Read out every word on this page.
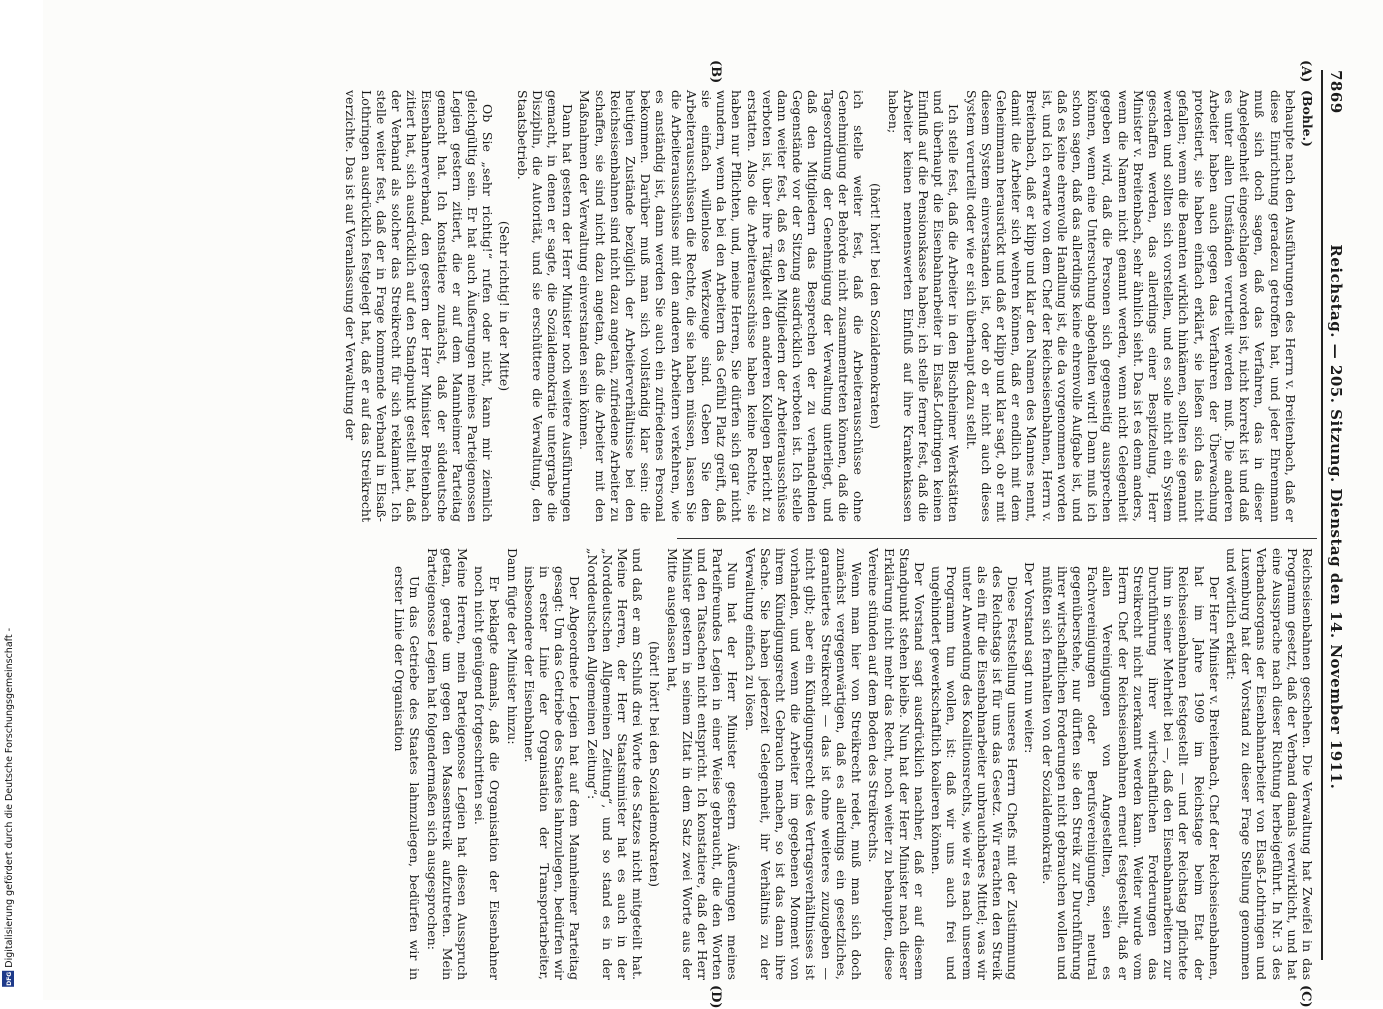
DFG Digitalisierung gefördert durch die Deutsche Forschungsgemeinschaft -
7869
Reichstag. — 205. Sitzung. Dienstag den 14. November 1911.
(A)
(B)
(C)
(D)

(Bohle.)

behaupte nach den Ausführungen des Herrn v. Breitenbach, daß er diese Einrichtung geradezu getroffen hat, und jeder Ehrenmann muß sich doch sagen, daß das Verfahren, das in dieser Angelegenheit eingeschlagen worden ist, nicht korrekt ist und daß es unter allen Umständen verurteilt werden muß. Die anderen Arbeiter haben auch gegen das Verfahren der Überwachung protestiert, sie haben einfach erklärt, sie ließen sich das nicht gefallen; wenn die Beamten wirklich hinkämen, sollten sie genannt werden und sollten sich vorstellen, und es solle nicht ein System geschaffen werden, das allerdings einer Bespitzelung, Herr Minister v. Breitenbach, sehr ähnlich sieht. Das ist es denn anders, wenn die Namen nicht genannt werden, wenn nicht Gelegenheit gegeben wird, daß die Personen sich gegenseitig aussprechen können, wenn eine Untersuchung abgehalten wird! Dann muß ich schon sagen, daß das allerdings keine ehrenvolle Aufgabe ist, und daß es keine ehrenvolle Handlung ist, die da vorgenommen worden ist, und ich erwarte von dem Chef der Reichseisenbahnen, Herrn v. Breitenbach, daß er klipp und klar den Namen des Mannes nennt, damit die Arbeiter sich wehren können, daß er endlich mit dem Geheimmann herausrückt und daß er klipp und klar sagt, ob er mit diesem System einverstanden ist, oder ob er nicht auch dieses System verurteilt oder wie er sich überhaupt dazu stellt.

Ich stelle fest, daß die Arbeiter in den Bischheimer Werkstätten und überhaupt die Eisenbahnarbeiter in Elsaß-Lothringen keinen Einfluß auf die Pensionskasse haben; ich stelle ferner fest, daß die Arbeiter keinen nennenswerten Einfluß auf ihre Krankenkassen haben;

(hört! hört! bei den Sozialdemokraten)

ich stelle weiter fest, daß die Arbeiterausschüsse ohne Genehmigung der Behörde nicht zusammentreten können, daß die Tagesordnung der Genehmigung der Verwaltung unterliegt, und daß den Mitgliedern das Besprechen der zu verhandelnden Gegenstände vor der Sitzung ausdrücklich verboten ist. Ich stelle dann weiter fest, daß es den Mitgliedern der Arbeiterausschüsse verboten ist, über ihre Tätigkeit den anderen Kollegen Bericht zu erstatten. Also die Arbeiterausschüsse haben keine Rechte, sie haben nur Pflichten, und, meine Herren, Sie dürfen sich gar nicht wundern, wenn da bei den Arbeitern das Gefühl Platz greift, daß sie einfach willenlose Werkzeuge sind. Geben Sie den Arbeiterausschüssen die Rechte, die sie haben müssen, lassen Sie die Arbeiterausschüsse mit den anderen Arbeitern verkehren, wie es anständig ist, dann werden Sie auch ein zufriedenes Personal bekommen. Darüber muß man sich vollständig klar sein: die heutigen Zustände bezüglich der Arbeiterverhältnisse bei den Reichseisenbahnen sind nicht dazu angetan, zufriedene Arbeiter zu schaffen, sie sind nicht dazu angetan, daß die Arbeiter mit den Maßnahmen der Verwaltung einverstanden sein können.

Dann hat gestern der Herr Minister noch weitere Ausführungen gemacht, in denen er sagte, die Sozialdemokratie untergrabe die Disziplin, die Autorität, und sie erschüttere die Verwaltung, den Staatsbetrieb.

(Sehr richtig! in der Mitte)

Ob Sie „sehr richtig!“ rufen oder nicht, kann mir ziemlich gleichgültig sein. Er hat auch Äußerungen meines Parteigenossen Legien gestern zitiert, die er auf dem Mannheimer Parteitag gemacht hat. Ich konstatiere zunächst, daß der süddeutsche Eisenbahnerverband, den gestern der Herr Minister Breitenbach zitiert hat, sich ausdrücklich auf den Standpunkt gestellt hat, daß der Verband als solcher das Streikrecht für sich reklamiert. Ich stelle weiter fest, daß der in Frage kommende Verband in Elsaß-Lothringen ausdrücklich festgelegt hat, daß er auf das Streikrecht verzichte. Das ist auf Veranlassung der Verwaltung der

Reichseisenbahnen geschehen. Die Verwaltung hat Zweifel in das Programm gesetzt, daß der Verband damals verwirklicht, und hat eine Aussprache nach dieser Richtung herbeigeführt. In Nr. 3 des Verbandsorgans der Eisenbahnarbeiter von Elsaß-Lothringen und Luxemburg hat der Vorstand zu dieser Frage Stellung genommen und wörtlich erklärt:

Der Herr Minister v. Breitenbach, Chef der Reichseisenbahnen, hat im Jahre 1909 im Reichstage beim Etat der Reichseisenbahnen festgestellt — und der Reichstag pflichtete ihm in seiner Mehrheit bei —, daß den Eisenbahnarbeitern zur Durchführung ihrer wirtschaftlichen Forderungen das Streikrecht nicht zuerkannt werden kann. Weiter wurde vom Herrn Chef der Reichseisenbahnen erneut festgestellt, daß er allen Vereinigungen von Angestellten, seien es Fachvereinigungen oder Berufsvereinigungen, neutral gegenüberstehe, nur dürften sie den Streik zur Durchführung ihrer wirtschaftlichen Forderungen nicht gebrauchen wollen und müßten sich fernhalten von der Sozialdemokratie.

Der Vorstand sagt nun weiter:

Diese Feststellung unseres Herrn Chefs mit der Zustimmung des Reichstags ist für uns das Gesetz. Wir erachten den Streik als ein für die Eisenbahnarbeiter unbrauchbares Mittel; was wir unter Anwendung des Koalitionsrechts, wie wir es nach unserem Programm tun wollen, ist: daß wir uns auch frei und ungehindert gewerkschaftlich koalieren können.

Der Vorstand sagt ausdrücklich nachher, daß er auf diesem Standpunkt stehen bleibe. Nun hat der Herr Minister nach dieser Erklärung nicht mehr das Recht, noch weiter zu behaupten, diese Vereine stünden auf dem Boden des Streikrechts.

Wenn man hier von Streikrecht redet, muß man sich doch zunächst vergegenwärtigen, daß es allerdings ein gesetzliches, garantiertes Streikrecht — das ist ohne weiteres zuzugeben — nicht gibt; aber ein Kündigungsrecht des Vertragsverhältnisses ist vorhanden, und wenn die Arbeiter im gegebenen Moment von ihrem Kündigungsrecht Gebrauch machen, so ist das dann ihre Sache. Sie haben jederzeit Gelegenheit, ihr Verhältnis zu der Verwaltung einfach zu lösen.

Nun hat der Herr Minister gestern Äußerungen meines Parteifreundes Legien in einer Weise gebraucht, die den Worten und den Tatsachen nicht entspricht. Ich konstatiere, daß der Herr Minister gestern in seinem Zitat in dem Satz zwei Worte aus der Mitte ausgelassen hat,

(hört! hört! bei den Sozialdemokraten)

und daß er am Schluß drei Worte des Satzes nicht mitgeteilt hat. Meine Herren, der Herr Staatsminister hat es auch in der „Norddeutschen Allgemeinen Zeitung“, und so stand es in der „Norddeutschen Allgemeinen Zeitung“:

Der Abgeordnete Legien hat auf dem Mannheimer Parteitag gesagt: Um das Getriebe des Staates lahmzulegen, bedürfen wir in erster Linie der Organisation der Transportarbeiter, insbesondere der Eisenbahner.

Dann fügte der Minister hinzu:

Er beklagte damals, daß die Organisation der Eisenbahner noch nicht genügend fortgeschritten sei.

Meine Herren, mein Parteigenosse Legien hat diesen Ausspruch getan, gerade um gegen den Massenstreik aufzutreten. Mein Parteigenosse Legien hat folgendermaßen sich ausgesprochen:

Um das Getriebe des Staates lahmzulegen, bedürfen wir in erster Linie der Organisation
